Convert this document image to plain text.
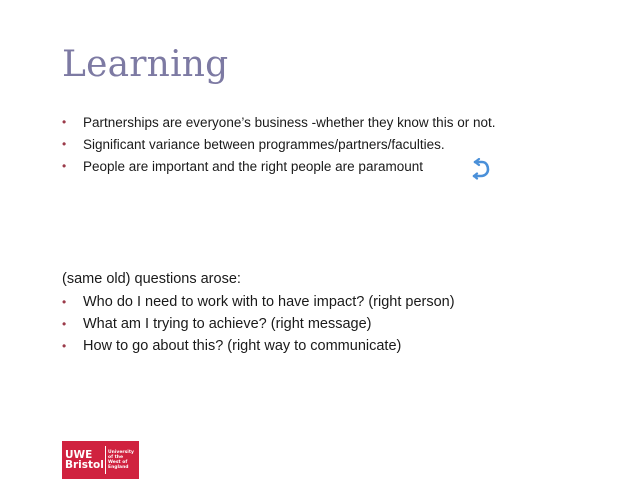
Learning
• Partnerships are everyone’s business -whether they know this or not.
• Significant variance between programmes/partners/faculties.
• People are important and the right people are paramount
(same old) questions arose:
• Who do I need to work with to have impact? (right person)
• What am I trying to achieve? (right message)
• How to go about this? (right way to communicate)
UWE
Bristol
University
of the
West of
England
